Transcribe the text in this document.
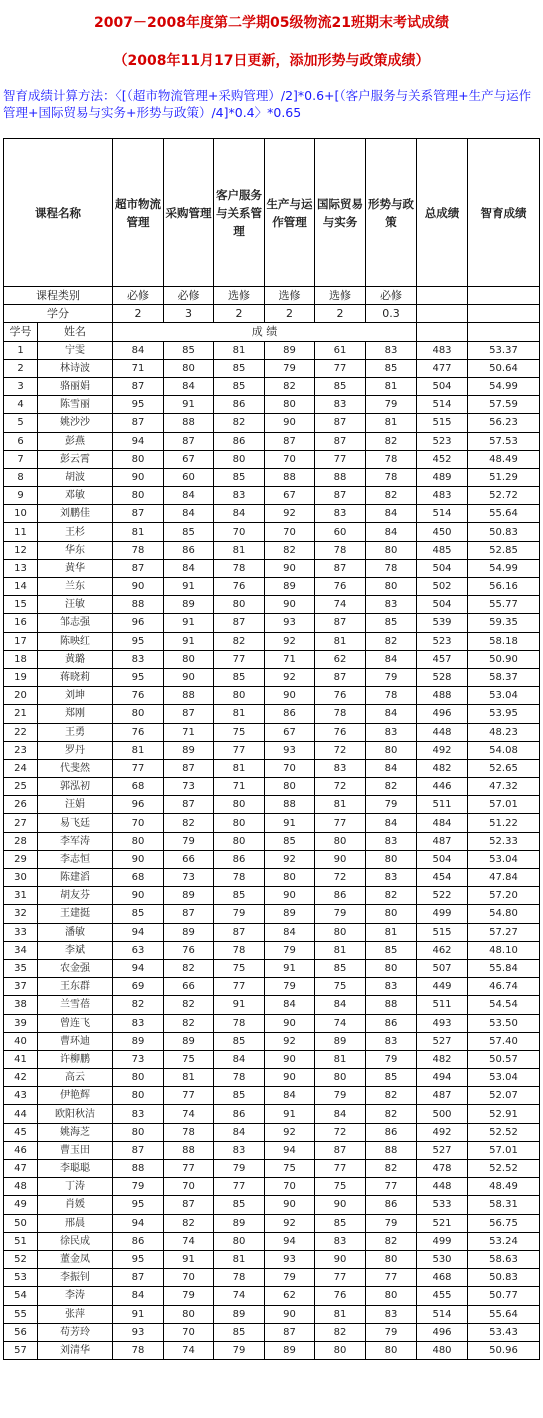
2007－2008年度第二学期05级物流21班期末考试成绩
（2008年11月17日更新，添加形势与政策成绩）
智育成绩计算方法：〈[（超市物流管理+采购管理）/2]*0.6+[（客户服务与关系管理+生产与运作管理+国际贸易与实务+形势与政策）/4]*0.4〉*0.65
课程名称		超市物流管理	采购管理	客户服务与关系管理	生产与运作管理	国际贸易与实务	形势与政策	总成绩	智育成绩
课程类别		必修	必修	选修	选修	选修	必修		
学分		2	3	2	2	2	0.3		
学号	姓名	成 绩							
1	宁雯	84	85	81	89	61	83	483	53.37
2	林诗波	71	80	85	79	77	85	477	50.64
3	骆丽娟	87	84	85	82	85	81	504	54.99
4	陈雪丽	95	91	86	80	83	79	514	57.59
5	姚沙沙	87	88	82	90	87	81	515	56.23
6	彭燕	94	87	86	87	87	82	523	57.53
7	彭云霄	80	67	80	70	77	78	452	48.49
8	胡波	90	60	85	88	88	78	489	51.29
9	邓敏	80	84	83	67	87	82	483	52.72
10	刘鹏佳	87	84	84	92	83	84	514	55.64
11	王杉	81	85	70	70	60	84	450	50.83
12	华东	78	86	81	82	78	80	485	52.85
13	黄华	87	84	78	90	87	78	504	54.99
14	兰东	90	91	76	89	76	80	502	56.16
15	汪敏	88	89	80	90	74	83	504	55.77
16	邹志强	96	91	87	93	87	85	539	59.35
17	陈映红	95	91	82	92	81	82	523	58.18
18	黄璐	83	80	77	71	62	84	457	50.90
19	蒋晓莉	95	90	85	92	87	79	528	58.37
20	刘坤	76	88	80	90	76	78	488	53.04
21	郑刚	80	87	81	86	78	84	496	53.95
22	王勇	76	71	75	67	76	83	448	48.23
23	罗丹	81	89	77	93	72	80	492	54.08
24	代斐然	77	87	81	70	83	84	482	52.65
25	郭泓初	68	73	71	80	72	82	446	47.32
26	汪娟	96	87	80	88	81	79	511	57.01
27	易飞廷	70	82	80	91	77	84	484	51.22
28	李军涛	80	79	80	85	80	83	487	52.33
29	李志恒	90	66	86	92	90	80	504	53.04
30	陈建滔	68	73	78	80	72	83	454	47.84
31	胡友芬	90	89	85	90	86	82	522	57.20
32	王建挺	85	87	79	89	79	80	499	54.80
33	潘敏	94	89	87	84	80	81	515	57.27
34	李斌	63	76	78	79	81	85	462	48.10
35	农金强	94	82	75	91	85	80	507	55.84
37	王东群	69	66	77	79	75	83	449	46.74
38	兰雪蓓	82	82	91	84	84	88	511	54.54
39	曾连飞	83	82	78	90	74	86	493	53.50
40	曹环迪	89	89	85	92	89	83	527	57.40
41	许柳鹏	73	75	84	90	81	79	482	50.57
42	高云	80	81	78	90	80	85	494	53.04
43	伊艳辉	80	77	85	84	79	82	487	52.07
44	欧阳秋洁	83	74	86	91	84	82	500	52.91
45	姚海芝	80	78	84	92	72	86	492	52.52
46	曹玉田	87	88	83	94	87	88	527	57.01
47	李聪聪	88	77	79	75	77	82	478	52.52
48	丁涛	79	70	77	70	75	77	448	48.49
49	肖媛	95	87	85	90	90	86	533	58.31
50	邢晨	94	82	89	92	85	79	521	56.75
51	徐民成	86	74	80	94	83	82	499	53.24
52	董金凤	95	91	81	93	90	80	530	58.63
53	李振钊	87	70	78	79	77	77	468	50.83
54	李涛	84	79	74	62	76	80	455	50.77
55	张萍	91	80	89	90	81	83	514	55.64
56	苟芳玲	93	70	85	87	82	79	496	53.43
57	刘清华	78	74	79	89	80	80	480	50.96
